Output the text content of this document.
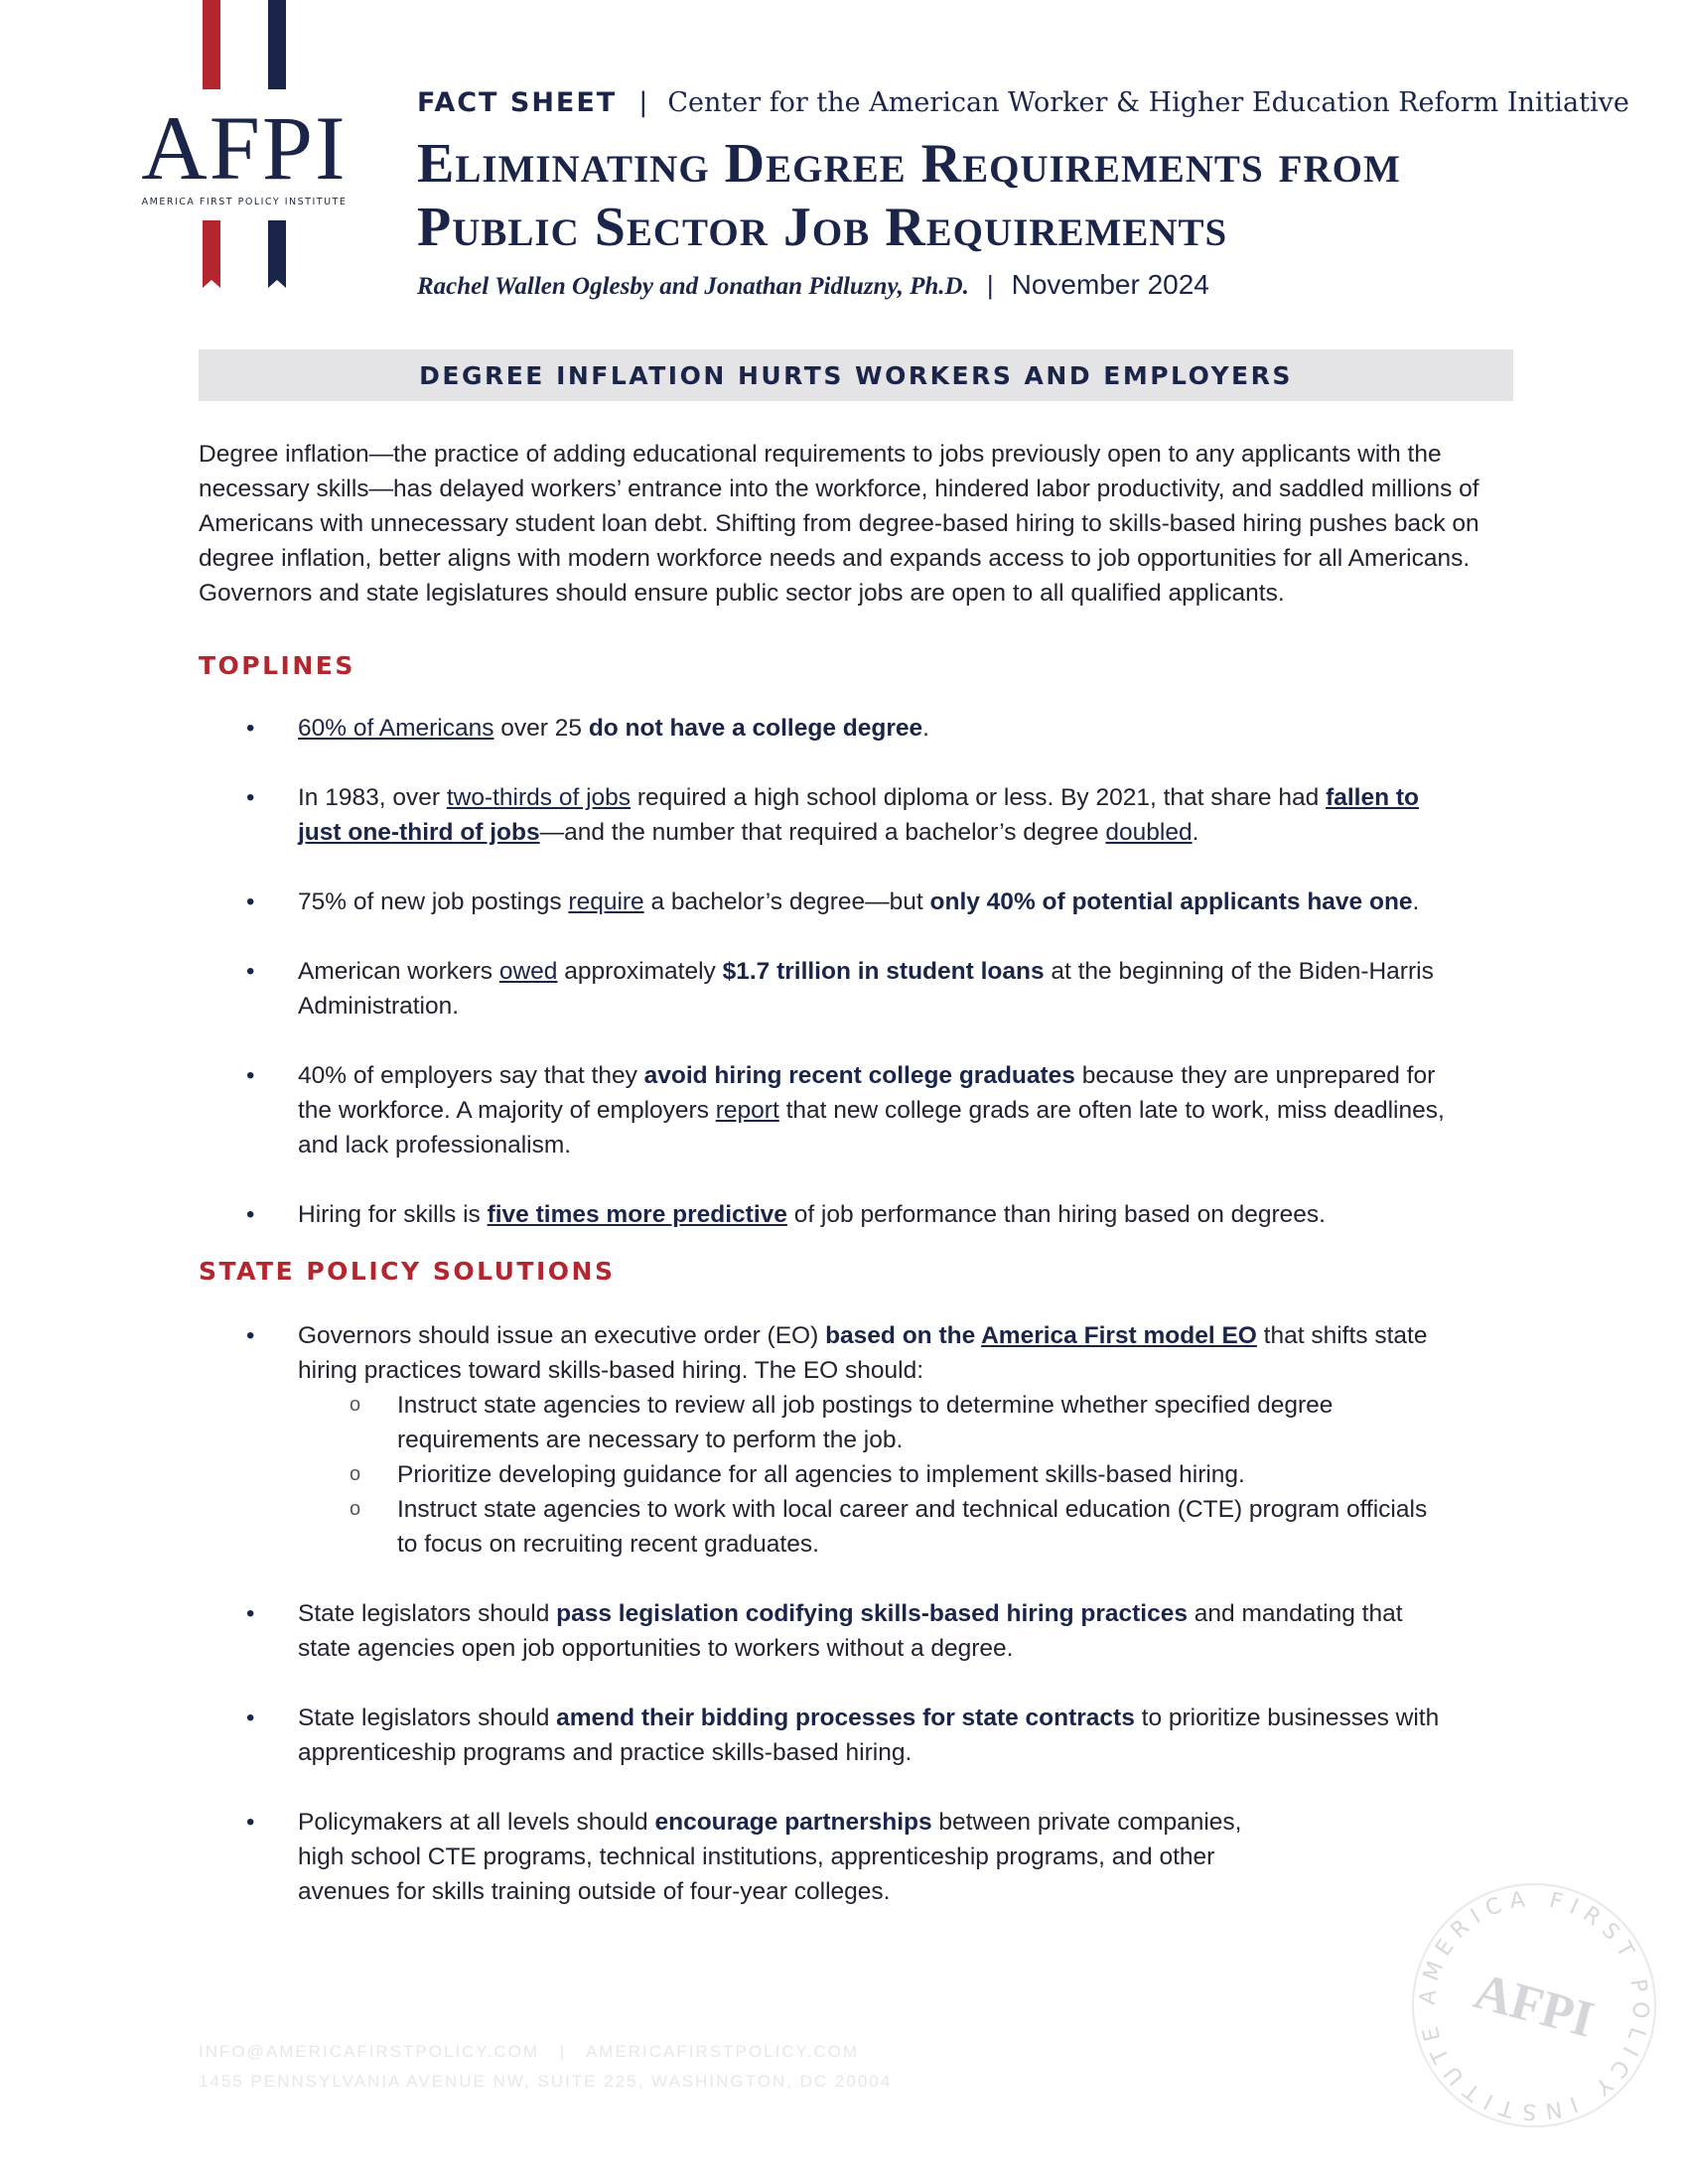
AFPI
AMERICA FIRST POLICY INSTITUTE
FACT SHEET | Center for the American Worker & Higher Education Reform Initiative
Eliminating Degree Requirements from
Public Sector Job Requirements
Rachel Wallen Oglesby and Jonathan Pidluzny, Ph.D. | November 2024
DEGREE INFLATION HURTS WORKERS AND EMPLOYERS

Degree inflation—the practice of adding educational requirements to jobs previously open to any applicants with the necessary skills—has delayed workers’ entrance into the workforce, hindered labor productivity, and saddled millions of Americans with unnecessary student loan debt. Shifting from degree-based hiring to skills-based hiring pushes back on degree inflation, better aligns with modern workforce needs and expands access to job opportunities for all Americans. Governors and state legislatures should ensure public sector jobs are open to all qualified applicants.

TOPLINES
• 60% of Americans over 25 do not have a college degree.
• In 1983, over two-thirds of jobs required a high school diploma or less. By 2021, that share had fallen to just one-third of jobs—and the number that required a bachelor’s degree doubled.
• 75% of new job postings require a bachelor’s degree—but only 40% of potential applicants have one.
• American workers owed approximately $1.7 trillion in student loans at the beginning of the Biden-Harris Administration.
• 40% of employers say that they avoid hiring recent college graduates because they are unprepared for the workforce. A majority of employers report that new college grads are often late to work, miss deadlines, and lack professionalism.
• Hiring for skills is five times more predictive of job performance than hiring based on degrees.
STATE POLICY SOLUTIONS
• Governors should issue an executive order (EO) based on the America First model EO that shifts state hiring practices toward skills-based hiring. The EO should:
o Instruct state agencies to review all job postings to determine whether specified degree requirements are necessary to perform the job.
o Prioritize developing guidance for all agencies to implement skills-based hiring.
o Instruct state agencies to work with local career and technical education (CTE) program officials to focus on recruiting recent graduates.
• State legislators should pass legislation codifying skills-based hiring practices and mandating that state agencies open job opportunities to workers without a degree.
• State legislators should amend their bidding processes for state contracts to prioritize businesses with apprenticeship programs and practice skills-based hiring.
• Policymakers at all levels should encourage partnerships between private companies, high school CTE programs, technical institutions, apprenticeship programs, and other avenues for skills training outside of four-year colleges.
INFO@AMERICAFIRSTPOLICY.COM | AMERICAFIRSTPOLICY.COM
1455 PENNSYLVANIA AVENUE NW, SUITE 225, WASHINGTON, DC 20004
AMERICA FIRST POLICY INSTITUTE AFPI
